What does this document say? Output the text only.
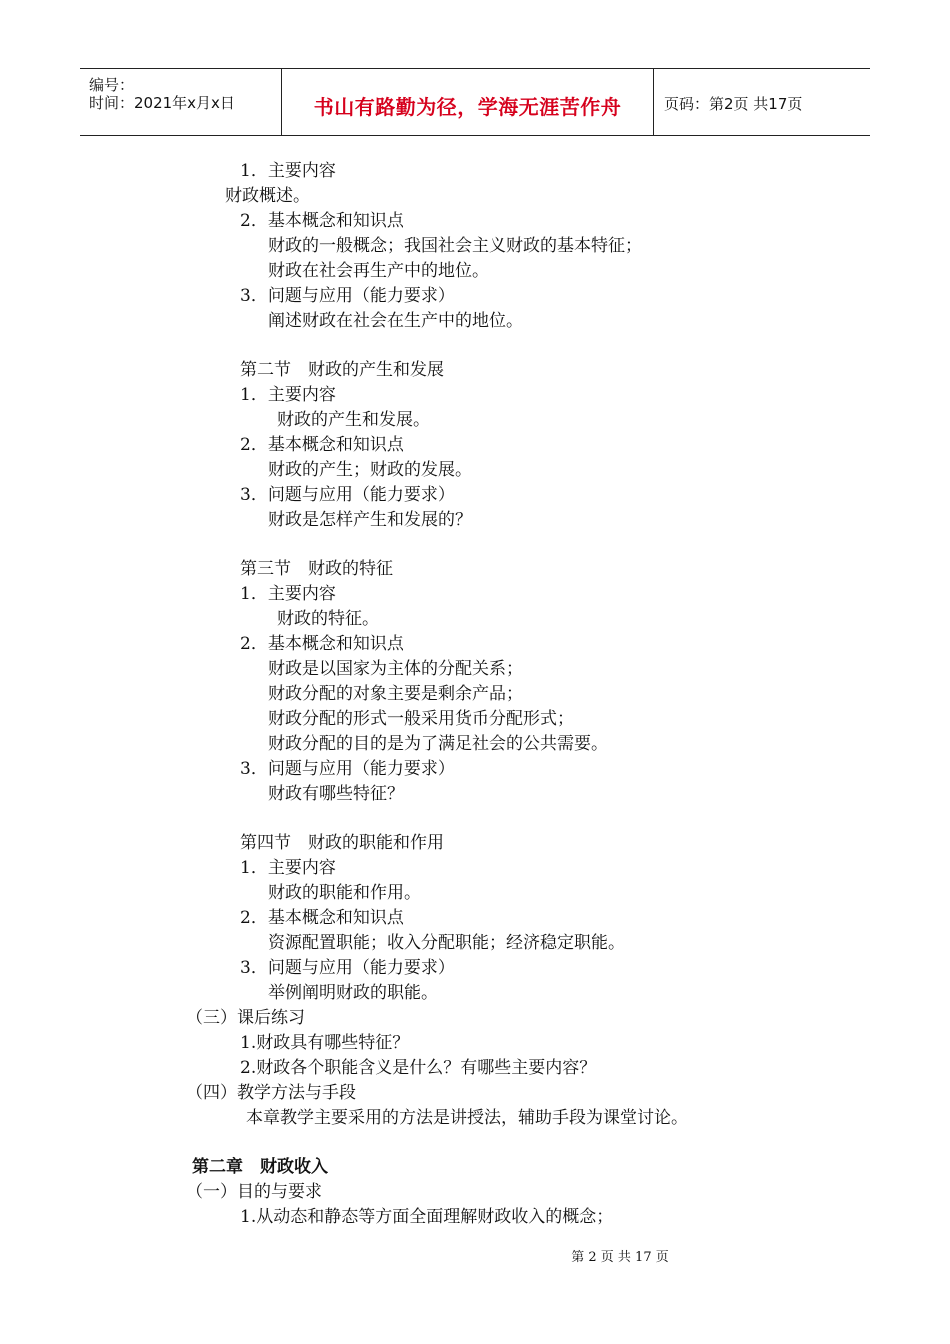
编号：
时间：2021年x月x日	书山有路勤为径，学海无涯苦作舟	页码：第2页 共17页
1．主要内容
财政概述。
2．基本概念和知识点
财政的一般概念；我国社会主义财政的基本特征；
财政在社会再生产中的地位。
3．问题与应用（能力要求）
阐述财政在社会在生产中的地位。
第二节　财政的产生和发展
1．主要内容
财政的产生和发展。
2．基本概念和知识点
财政的产生；财政的发展。
3．问题与应用（能力要求）
财政是怎样产生和发展的？
第三节　财政的特征
1．主要内容
财政的特征。
2．基本概念和知识点
财政是以国家为主体的分配关系；
财政分配的对象主要是剩余产品；
财政分配的形式一般采用货币分配形式；
财政分配的目的是为了满足社会的公共需要。
3．问题与应用（能力要求）
财政有哪些特征？
第四节　财政的职能和作用
1．主要内容
财政的职能和作用。
2．基本概念和知识点
资源配置职能；收入分配职能；经济稳定职能。
3．问题与应用（能力要求）
举例阐明财政的职能。
（三）课后练习
1.财政具有哪些特征？
2.财政各个职能含义是什么？有哪些主要内容？
（四）教学方法与手段
本章教学主要采用的方法是讲授法，辅助手段为课堂讨论。
第二章　财政收入
（一）目的与要求
1.从动态和静态等方面全面理解财政收入的概念；
第 2 页 共 17 页
